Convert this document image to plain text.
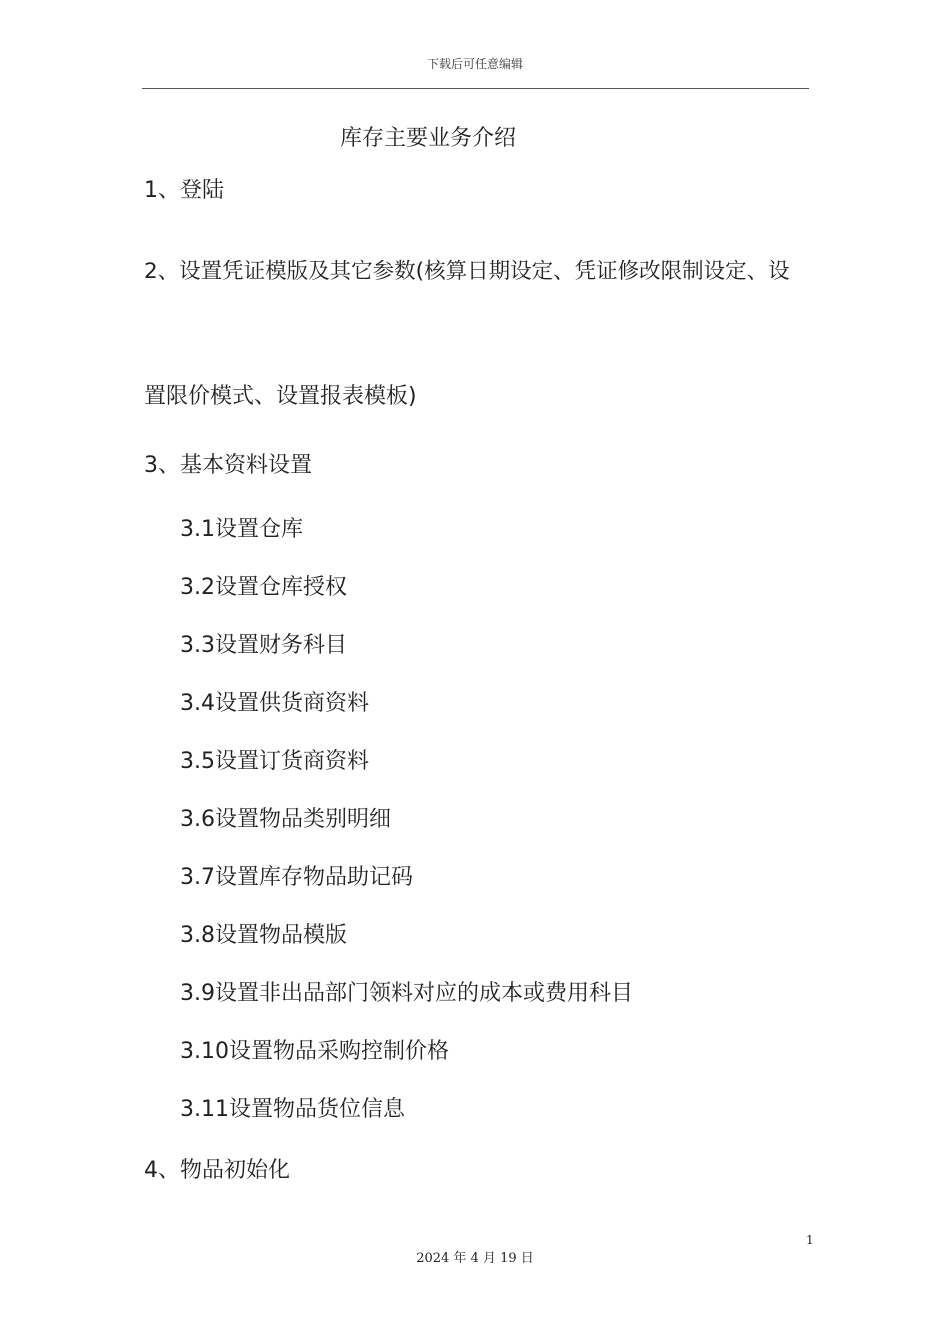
下载后可任意编辑
库存主要业务介绍

1、登陆

2、设置凭证模版及其它参数(核算日期设定、凭证修改限制设定、设

置限价模式、设置报表模板)

3、基本资料设置

3.1设置仓库

3.2设置仓库授权

3.3设置财务科目

3.4设置供货商资料

3.5设置订货商资料

3.6设置物品类别明细

3.7设置库存物品助记码

3.8设置物品模版

3.9设置非出品部门领料对应的成本或费用科目

3.10设置物品采购控制价格

3.11设置物品货位信息

4、物品初始化

1
2024 年 4 月 19 日
